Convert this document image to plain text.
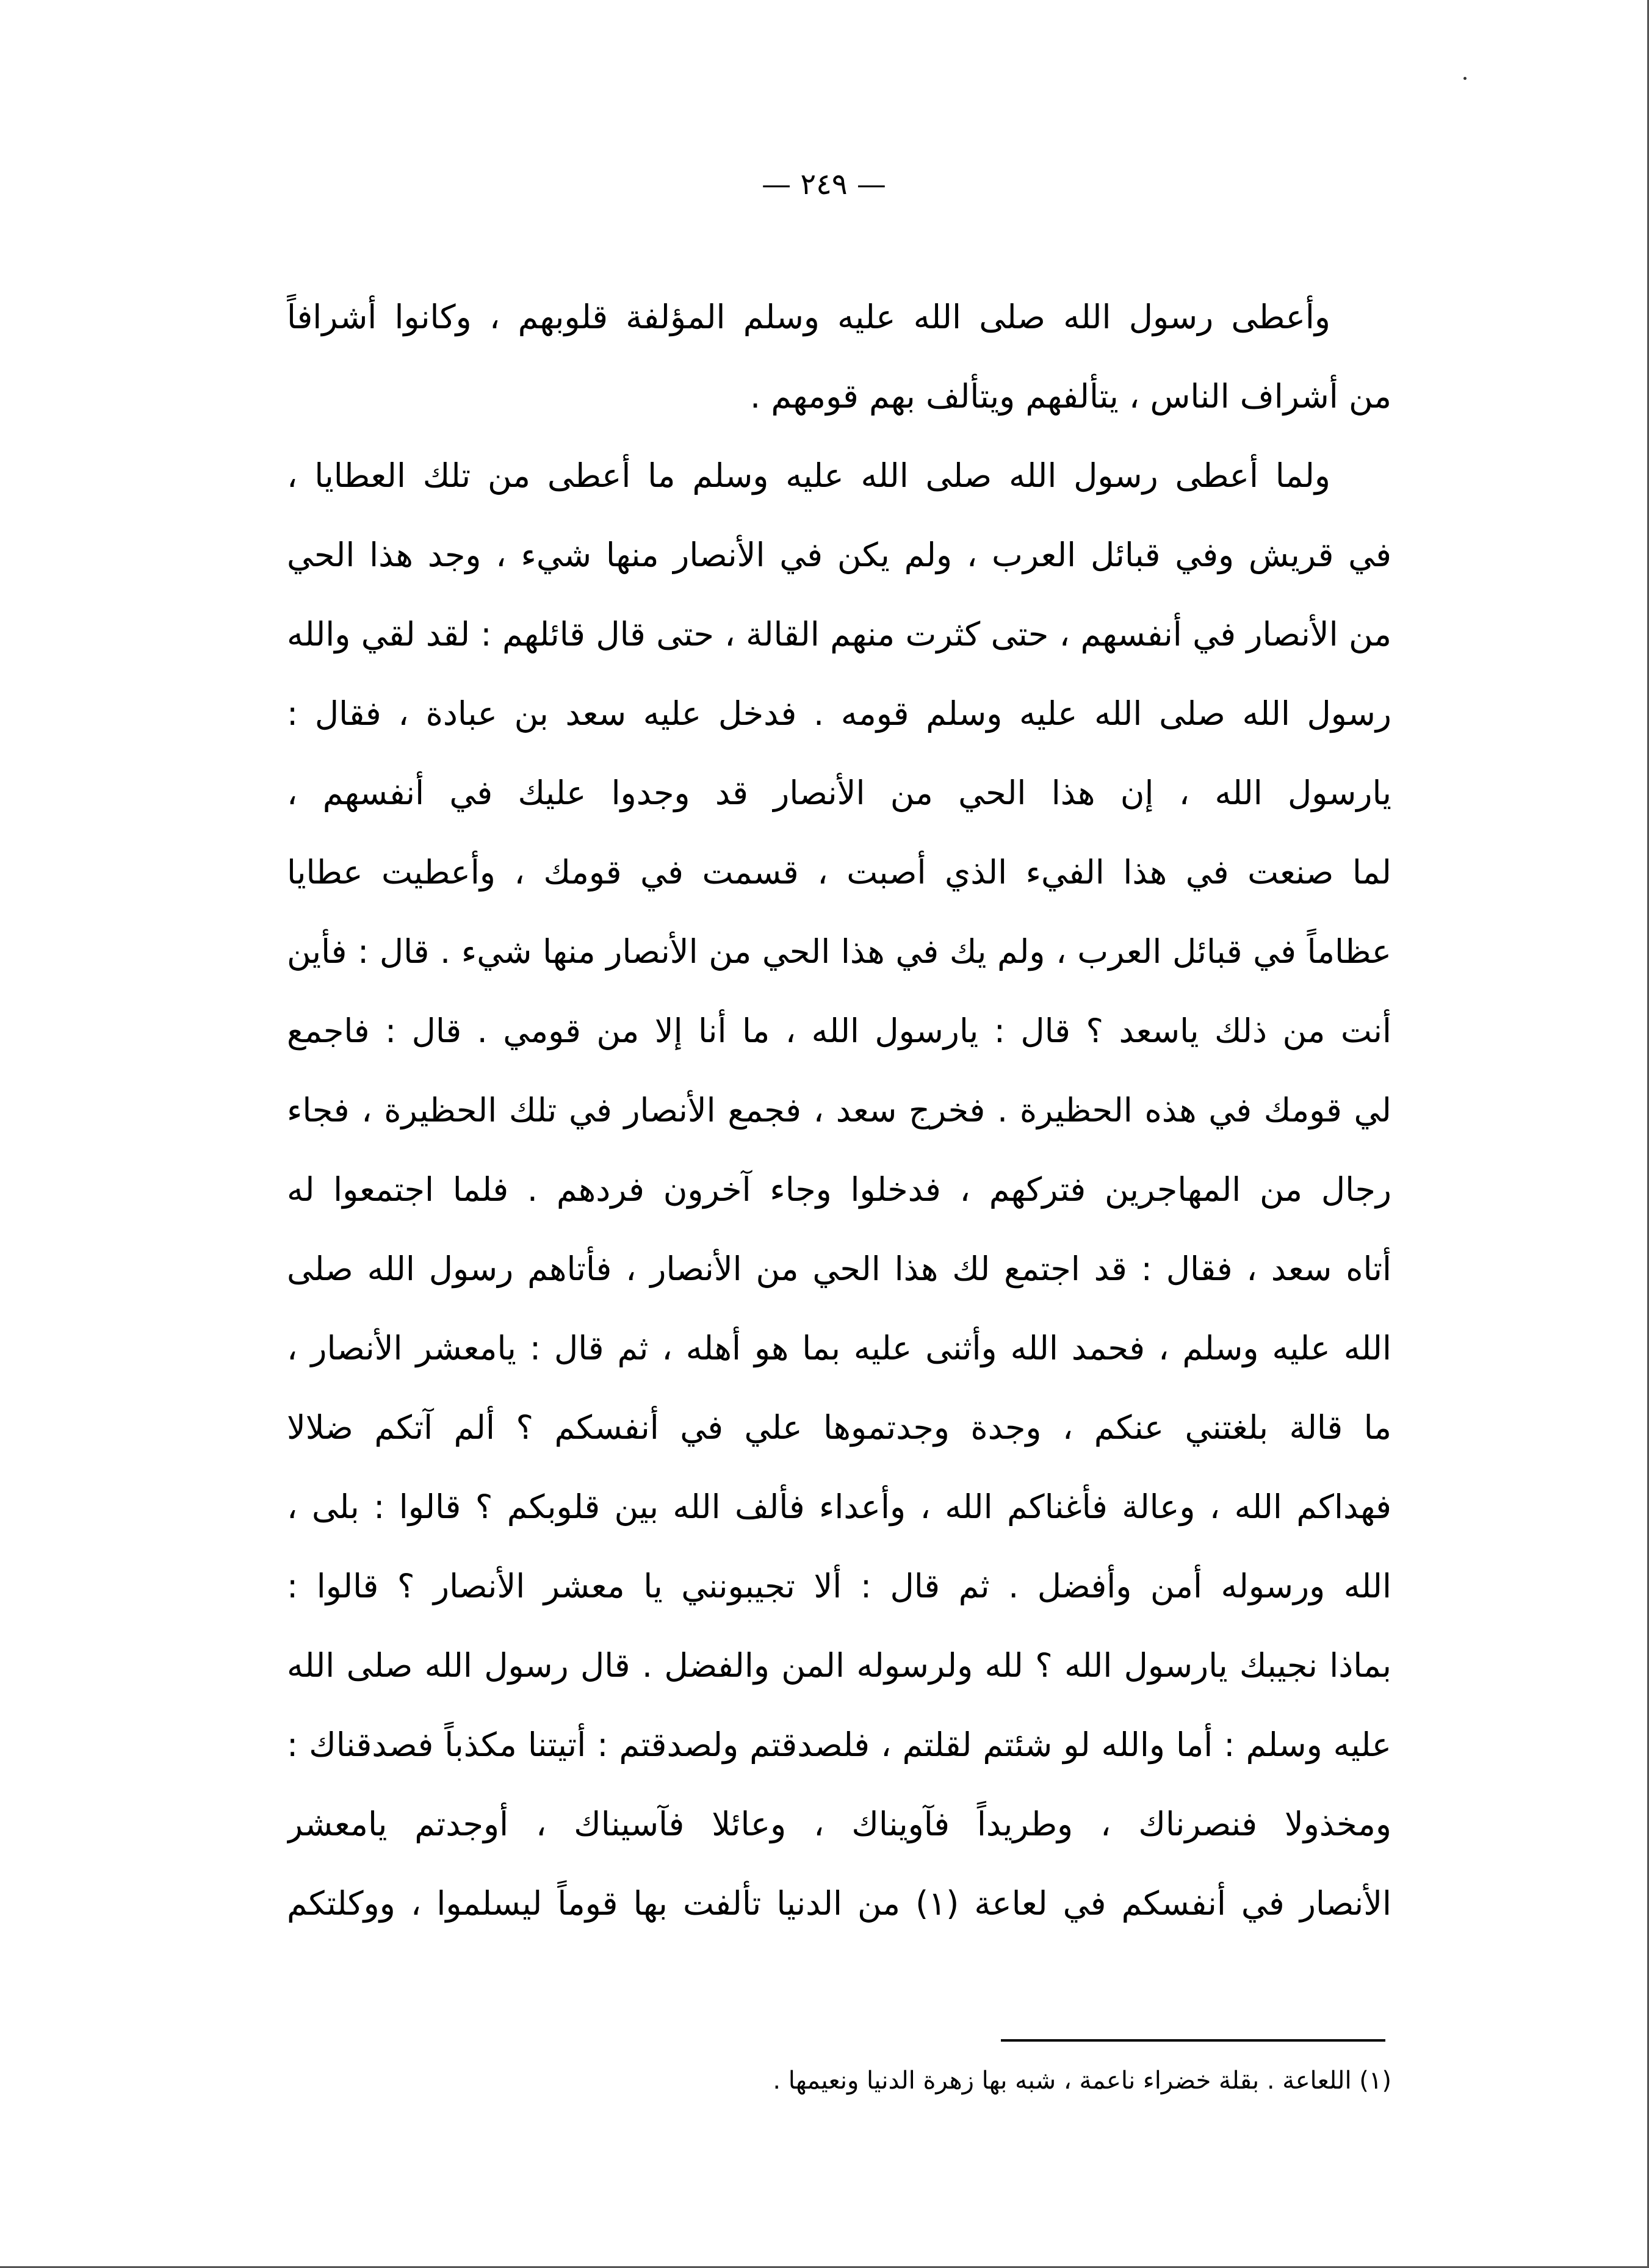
— ٢٤٩ —
وأعطى رسول الله صلى الله عليه وسلم المؤلفة قلوبهم ، وكانوا أشرافاً
من أشراف الناس ، يتألفهم ويتألف بهم قومهم .
ولما أعطى رسول الله صلى الله عليه وسلم ما أعطى من تلك العطايا ،
في قريش وفي قبائل العرب ، ولم يكن في الأنصار منها شيء ، وجد هذا الحي
من الأنصار في أنفسهم ، حتى كثرت منهم القالة ، حتى قال قائلهم : لقد لقي والله
رسول الله صلى الله عليه وسلم قومه . فدخل عليه سعد بن عبادة ، فقال :
يارسول الله ، إن هذا الحي من الأنصار قد وجدوا عليك في أنفسهم ،
لما صنعت في هذا الفيء الذي أصبت ، قسمت في قومك ، وأعطيت عطايا
عظاماً في قبائل العرب ، ولم يك في هذا الحي من الأنصار منها شيء . قال : فأين
أنت من ذلك ياسعد ؟ قال : يارسول الله ، ما أنا إلا من قومي . قال : فاجمع
لي قومك في هذه الحظيرة . فخرج سعد ، فجمع الأنصار في تلك الحظيرة ، فجاء
رجال من المهاجرين فتركهم ، فدخلوا وجاء آخرون فردهم . فلما اجتمعوا له
أتاه سعد ، فقال : قد اجتمع لك هذا الحي من الأنصار ، فأتاهم رسول الله صلى
الله عليه وسلم ، فحمد الله وأثنى عليه بما هو أهله ، ثم قال : يامعشر الأنصار ،
ما قالة بلغتني عنكم ، وجدة وجدتموها علي في أنفسكم ؟ ألم آتكم ضلالا
فهداكم الله ، وعالة فأغناكم الله ، وأعداء فألف الله بين قلوبكم ؟ قالوا : بلى ،
الله ورسوله أمن وأفضل . ثم قال : ألا تجيبونني يا معشر الأنصار ؟ قالوا :
بماذا نجيبك يارسول الله ؟ لله ولرسوله المن والفضل . قال رسول الله صلى الله
عليه وسلم : أما والله لو شئتم لقلتم ، فلصدقتم ولصدقتم : أتيتنا مكذباً فصدقناك :
ومخذولا فنصرناك ، وطريداً فآويناك ، وعائلا فآسيناك ، أوجدتم يامعشر
الأنصار في أنفسكم في لعاعة (١) من الدنيا تألفت بها قوماً ليسلموا ، ووكلتكم
(١) اللعاعة . بقلة خضراء ناعمة ، شبه بها زهرة الدنيا ونعيمها .
